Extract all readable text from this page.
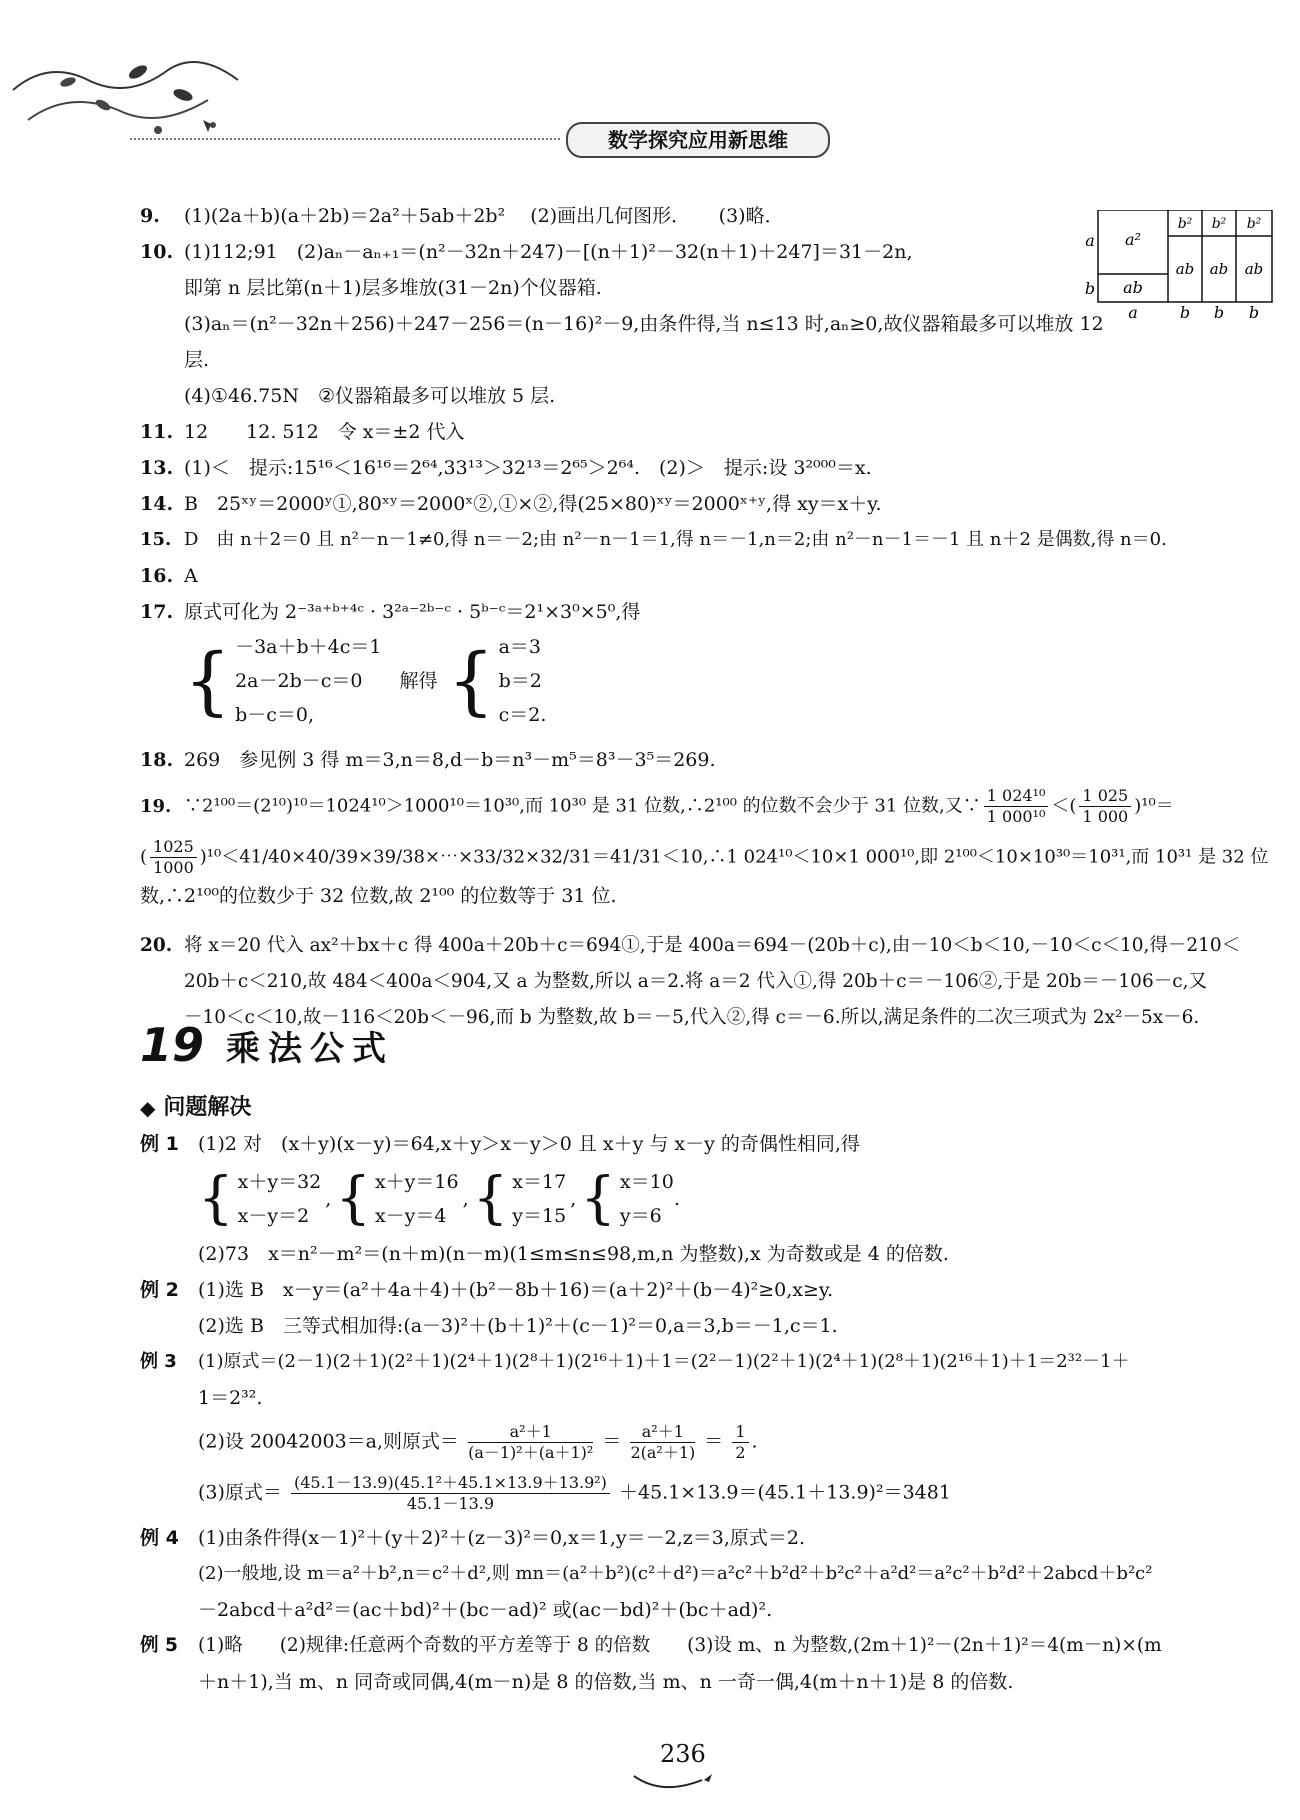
数学探究应用新思维
a²
b² b² b²
ab
ab ab ab
a
b
a	b b b
9. (1)(2a＋b)(a＋2b)＝2a²＋5ab＋2b²　 (2)画出几何图形．　　(3)略．
10. (1)112;91　(2)aₙ－aₙ₊₁＝(n²－32n＋247)－[(n＋1)²－32(n＋1)＋247]＝31－2n,
即第 n 层比第(n＋1)层多堆放(31－2n)个仪器箱.
(3)aₙ＝(n²－32n＋256)＋247－256＝(n－16)²－9,由条件得,当 n≤13 时,aₙ≥0,故仪器箱最多可以堆放 12 层.
(4)①46.75N　②仪器箱最多可以堆放 5 层.
11. 12　　12. 512　令 x＝±2 代入
13. (1)＜　提示:15¹⁶＜16¹⁶＝2⁶⁴,33¹³＞32¹³＝2⁶⁵＞2⁶⁴.　(2)＞　提示:设 3²⁰⁰⁰＝x.
14. B　25ˣʸ＝2000ʸ①,80ˣʸ＝2000ˣ②,①×②,得(25×80)ˣʸ＝2000ˣ⁺ʸ,得 xy＝x＋y.
15. D　由 n＋2＝0 且 n²－n－1≠0,得 n＝－2;由 n²－n－1＝1,得 n＝－1,n＝2;由 n²－n－1＝－1 且 n＋2 是偶数,得 n＝0.
16. A
17. 原式可化为 2⁻³ᵃ⁺ᵇ⁺⁴ᶜ · 3²ᵃ⁻²ᵇ⁻ᶜ · 5ᵇ⁻ᶜ＝2¹×3⁰×5⁰,得
{ －3a＋b＋4c＝1
2a－2b－c＝0
b－c＝0,
解得 { a＝3
b＝2
c＝2.
18. 269　参见例 3 得 m＝3,n＝8,d－b＝n³－m⁵＝8³－3⁵＝269.
19. ∵2¹⁰⁰＝(2¹⁰)¹⁰＝1024¹⁰＞1000¹⁰＝10³⁰,而 10³⁰ 是 31 位数,∴2¹⁰⁰ 的位数不会少于 31 位数,又∵ $\frac{\text{1 024¹⁰}}{\text{1 000¹⁰}}$ ＜( $\frac{1 025}{1 000} )^{10}=$
( $\frac{1025}{1000}$ )¹⁰＜41/40×40/39×39/38×⋯×33/32×32/31＝41/31＜10,∴1 024¹⁰＜10×1 000¹⁰,即 2¹⁰⁰＜10×10³⁰＝10³¹,而 10³¹ 是 32 位
数,∴2¹⁰⁰的位数少于 32 位数,故 2¹⁰⁰ 的位数等于 31 位.
20. 将 x＝20 代入 ax²＋bx＋c 得 400a＋20b＋c＝694①,于是 400a＝694－(20b＋c),由－10＜b＜10,－10＜c＜10,得－210＜
20b＋c＜210,故 484＜400a＜904,又 a 为整数,所以 a＝2.将 a＝2 代入①,得 20b＋c＝－106②,于是 20b＝－106－c,又
－10＜c＜10,故－116＜20b＜－96,而 b 为整数,故 b＝－5,代入②,得 c＝－6.所以,满足条件的二次三项式为 2x²－5x－6.
19 乘法公式
◆ 问题解决
例 1 (1)2 对　(x＋y)(x－y)＝64,x＋y＞x－y＞0 且 x＋y 与 x－y 的奇偶性相同,得
{ x＋y＝32
x－y＝2
, { x＋y＝16
x－y＝4
, { x＝17
y＝15
, { x＝10
y＝6
.
(2)73　x＝n²－m²＝(n＋m)(n－m)(1≤m≤n≤98,m,n 为整数),x 为奇数或是 4 的倍数.
例 2 (1)选 B　x－y＝(a²＋4a＋4)＋(b²－8b＋16)＝(a＋2)²＋(b－4)²≥0,x≥y.
(2)选 B　三等式相加得:(a－3)²＋(b＋1)²＋(c－1)²＝0,a＝3,b＝－1,c＝1.
例 3 (1)原式＝(2－1)(2＋1)(2²＋1)(2⁴＋1)(2⁸＋1)(2¹⁶＋1)＋1＝(2²－1)(2²＋1)(2⁴＋1)(2⁸＋1)(2¹⁶＋1)＋1＝2³²－1＋
1＝2³².
(2)设 20042003＝a,则原式＝ $\frac{\text{a²＋1}}{\text{(a－1)²＋(a＋1)²}} = \frac{\text{a²＋1}}{\text{2(a²＋1)}} = \frac{1}{2}$ .
(3)原式＝ $\frac{\text{(45.1－13.9)(45.1²＋45.1×13.9＋13.9²)}}{45.1-13.9} +45.1\times 13.9=(45.1+13.9)^2=3481$
例 4 (1)由条件得(x－1)²＋(y＋2)²＋(z－3)²＝0,x＝1,y＝－2,z＝3,原式＝2.
(2)一般地,设 m＝a²＋b²,n＝c²＋d²,则 mn＝(a²＋b²)(c²＋d²)＝a²c²＋b²d²＋b²c²＋a²d²＝a²c²＋b²d²＋2abcd＋b²c²
－2abcd＋a²d²＝(ac＋bd)²＋(bc－ad)² 或(ac－bd)²＋(bc＋ad)².
例 5 (1)略　　(2)规律:任意两个奇数的平方差等于 8 的倍数　　(3)设 m、n 为整数,(2m＋1)²－(2n＋1)²＝4(m－n)×(m
＋n＋1),当 m、n 同奇或同偶,4(m－n)是 8 的倍数,当 m、n 一奇一偶,4(m＋n＋1)是 8 的倍数.
236
